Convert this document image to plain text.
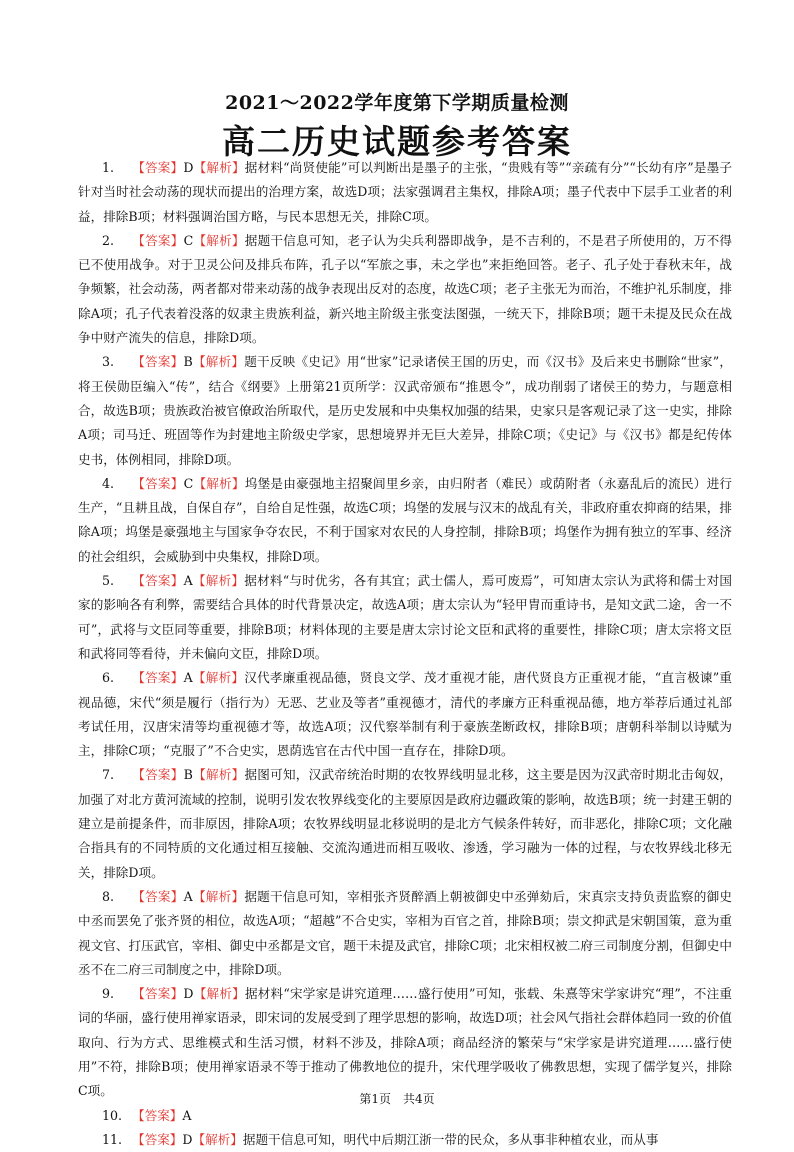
2021～2022学年度第下学期质量检测
高二历史试题参考答案

1. 【答案】D【解析】据材料“尚贤使能”可以判断出是墨子的主张，“贵贱有等”“亲疏有分”“长幼有序”是墨子针对当时社会动荡的现状而提出的治理方案，故选D项；法家强调君主集权，排除A项；墨子代表中下层手工业者的利益，排除B项；材料强调治国方略，与民本思想无关，排除C项。

2. 【答案】C【解析】据题干信息可知，老子认为尖兵利器即战争，是不吉利的，不是君子所使用的，万不得已不使用战争。对于卫灵公问及排兵布阵，孔子以“军旅之事，未之学也”来拒绝回答。老子、孔子处于春秋末年，战争频繁，社会动荡，两者都对带来动荡的战争表现出反对的态度，故选C项；老子主张无为而治，不维护礼乐制度，排除A项；孔子代表着没落的奴隶主贵族利益，新兴地主阶级主张变法图强，一统天下，排除B项；题干未提及民众在战争中财产流失的信息，排除D项。

3. 【答案】B【解析】题干反映《史记》用“世家”记录诸侯王国的历史，而《汉书》及后来史书删除“世家”，将王侯勋臣编入“传”，结合《纲要》上册第21页所学：汉武帝颁布“推恩令”，成功削弱了诸侯王的势力，与题意相合，故选B项；贵族政治被官僚政治所取代，是历史发展和中央集权加强的结果，史家只是客观记录了这一史实，排除A项；司马迁、班固等作为封建地主阶级史学家，思想境界并无巨大差异，排除C项；《史记》与《汉书》都是纪传体史书，体例相同，排除D项。

4. 【答案】C【解析】坞堡是由豪强地主招聚闾里乡亲，由归附者（难民）或荫附者（永嘉乱后的流民）进行生产，“且耕且战，自保自存”，自给自足性强，故选C项；坞堡的发展与汉末的战乱有关，非政府重农抑商的结果，排除A项；坞堡是豪强地主与国家争夺农民，不利于国家对农民的人身控制，排除B项；坞堡作为拥有独立的军事、经济的社会组织，会威胁到中央集权，排除D项。

5. 【答案】A【解析】据材料“与时优劣，各有其宜；武士儒人，焉可废焉”，可知唐太宗认为武将和儒士对国家的影响各有利弊，需要结合具体的时代背景决定，故选A项；唐太宗认为“轻甲胄而重诗书，是知文武二途，舍一不可”，武将与文臣同等重要，排除B项；材料体现的主要是唐太宗讨论文臣和武将的重要性，排除C项；唐太宗将文臣和武将同等看待，并未偏向文臣，排除D项。

6. 【答案】A【解析】汉代孝廉重视品德，贤良文学、茂才重视才能，唐代贤良方正重视才能，“直言极谏”重视品德，宋代“须是履行（指行为）无恶、艺业及等者”重视德才，清代的孝廉方正科重视品德，地方举荐后通过礼部考试任用，汉唐宋清等均重视德才等，故选A项；汉代察举制有利于豪族垄断政权，排除B项；唐朝科举制以诗赋为主，排除C项；“克服了”不合史实，恩荫选官在古代中国一直存在，排除D项。

7. 【答案】B【解析】据图可知，汉武帝统治时期的农牧界线明显北移，这主要是因为汉武帝时期北击匈奴，加强了对北方黄河流域的控制，说明引发农牧界线变化的主要原因是政府边疆政策的影响，故选B项；统一封建王朝的建立是前提条件，而非原因，排除A项；农牧界线明显北移说明的是北方气候条件转好，而非恶化，排除C项；文化融合指具有的不同特质的文化通过相互接触、交流沟通进而相互吸收、渗透，学习融为一体的过程，与农牧界线北移无关，排除D项。

8. 【答案】A【解析】据题干信息可知，宰相张齐贤醉酒上朝被御史中丞弹劾后，宋真宗支持负责监察的御史中丞而罢免了张齐贤的相位，故选A项；“超越”不合史实，宰相为百官之首，排除B项；崇文抑武是宋朝国策，意为重视文官、打压武官，宰相、御史中丞都是文官，题干未提及武官，排除C项；北宋相权被二府三司制度分割，但御史中丞不在二府三司制度之中，排除D项。

9. 【答案】D【解析】据材料“宋学家是讲究道理……盛行使用”可知，张载、朱熹等宋学家讲究“理”，不注重词的华丽，盛行使用禅家语录，即宋词的发展受到了理学思想的影响，故选D项；社会风气指社会群体趋同一致的价值取向、行为方式、思维模式和生活习惯，材料不涉及，排除A项；商品经济的繁荣与“宋学家是讲究道理……盛行使用”不符，排除B项；使用禅家语录不等于推动了佛教地位的提升，宋代理学吸收了佛教思想，实现了儒学复兴，排除C项。

10. 【答案】A

11. 【答案】D【解析】据题干信息可知，明代中后期江浙一带的民众，多从事非种植农业，而从事

第1页　共4页
